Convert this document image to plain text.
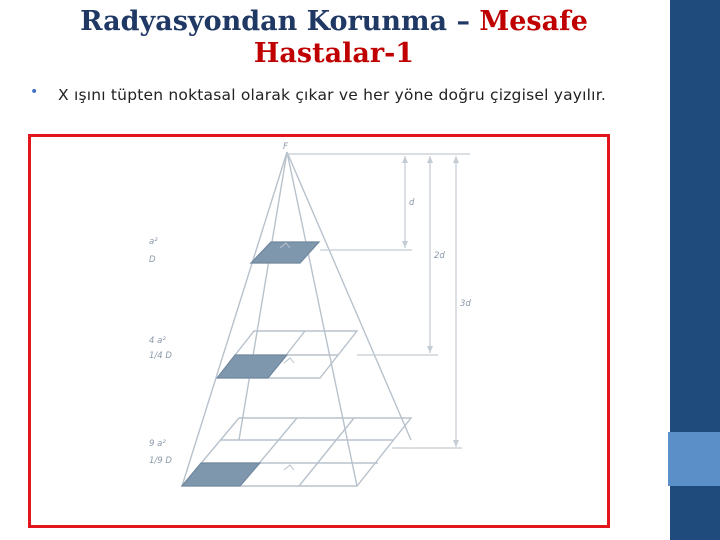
Radyasyondan Korunma – Mesafe
Hastalar-1
• X ışını tüpten noktasal olarak çıkar ve her yöne doğru çizgisel yayılır.
F
d
2d
3d
a²
D
4 a²
1/4 D
9 a²
1/9 D
